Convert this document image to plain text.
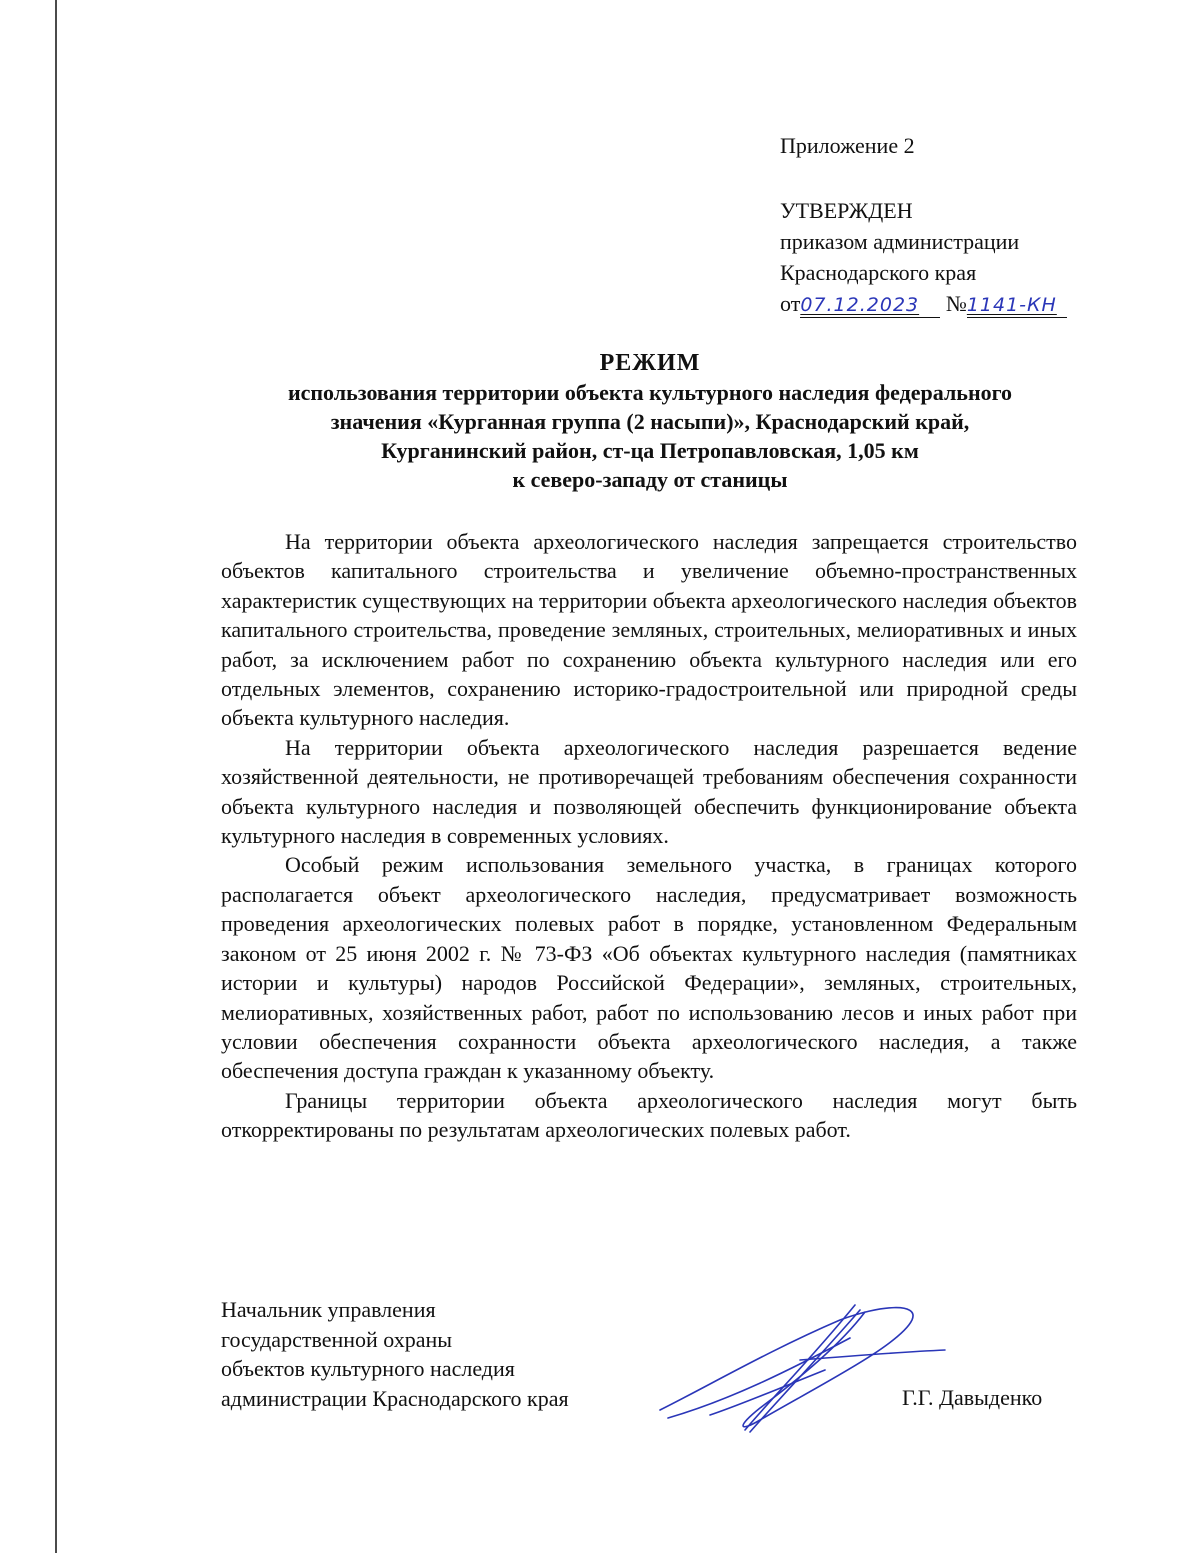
Приложение 2
УТВЕРЖДЕН
приказом администрации
Краснодарского края
от07.12.2023 №1141-КН
РЕЖИМ
использования территории объекта культурного наследия федерального
значения «Курганная группа (2 насыпи)», Краснодарский край,
Курганинский район, ст-ца Петропавловская, 1,05 км
к северо-западу от станицы

На территории объекта археологического наследия запрещается строительство объектов капитального строительства и увеличение объемно-пространственных характеристик существующих на территории объекта археологического наследия объектов капитального строительства, проведение земляных, строительных, мелиоративных и иных работ, за исключением работ по сохранению объекта культурного наследия или его отдельных элементов, сохранению историко-градостроительной или природной среды объекта культурного наследия.

На территории объекта археологического наследия разрешается ведение хозяйственной деятельности, не противоречащей требованиям обеспечения сохранности объекта культурного наследия и позволяющей обеспечить функционирование объекта культурного наследия в современных условиях.

Особый режим использования земельного участка, в границах которого располагается объект археологического наследия, предусматривает возможность проведения археологических полевых работ в порядке, установленном Федеральным законом от 25 июня 2002 г. № 73-ФЗ «Об объектах культурного наследия (памятниках истории и культуры) народов Российской Федерации», земляных, строительных, мелиоративных, хозяйственных работ, работ по использованию лесов и иных работ при условии обеспечения сохранности объекта археологического наследия, а также обеспечения доступа граждан к указанному объекту.

Границы территории объекта археологического наследия могут быть откорректированы по результатам археологических полевых работ.

Начальник управления
государственной охраны
объектов культурного наследия
администрации Краснодарского края	Г.Г. Давыденко
